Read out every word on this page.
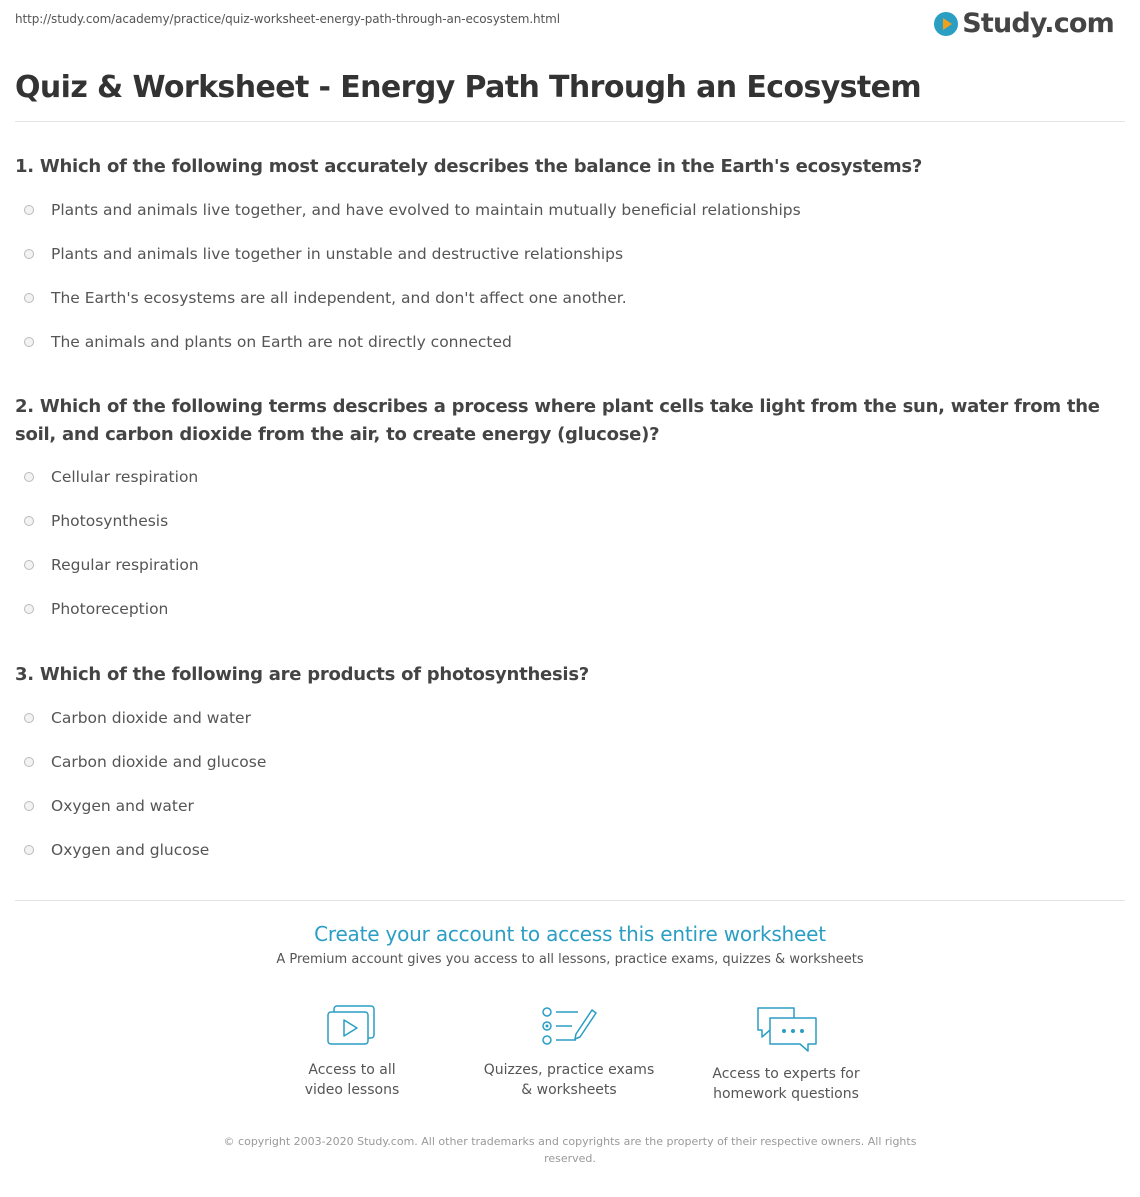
http://study.com/academy/practice/quiz-worksheet-energy-path-through-an-ecosystem.html	Study.com
Quiz & Worksheet - Energy Path Through an Ecosystem
1. Which of the following most accurately describes the balance in the Earth's ecosystems?
Plants and animals live together, and have evolved to maintain mutually beneficial relationships
Plants and animals live together in unstable and destructive relationships
The Earth's ecosystems are all independent, and don't affect one another.
The animals and plants on Earth are not directly connected
2. Which of the following terms describes a process where plant cells take light from the sun, water from the soil, and carbon dioxide from the air, to create energy (glucose)?
Cellular respiration
Photosynthesis
Regular respiration
Photoreception
3. Which of the following are products of photosynthesis?
Carbon dioxide and water
Carbon dioxide and glucose
Oxygen and water
Oxygen and glucose
Create your account to access this entire worksheet
A Premium account gives you access to all lessons, practice exams, quizzes & worksheets
Access to all
video lessons
Quizzes, practice exams
& worksheets
Access to experts for
homework questions
© copyright 2003-2020 Study.com. All other trademarks and copyrights are the property of their respective owners. All rights
reserved.
